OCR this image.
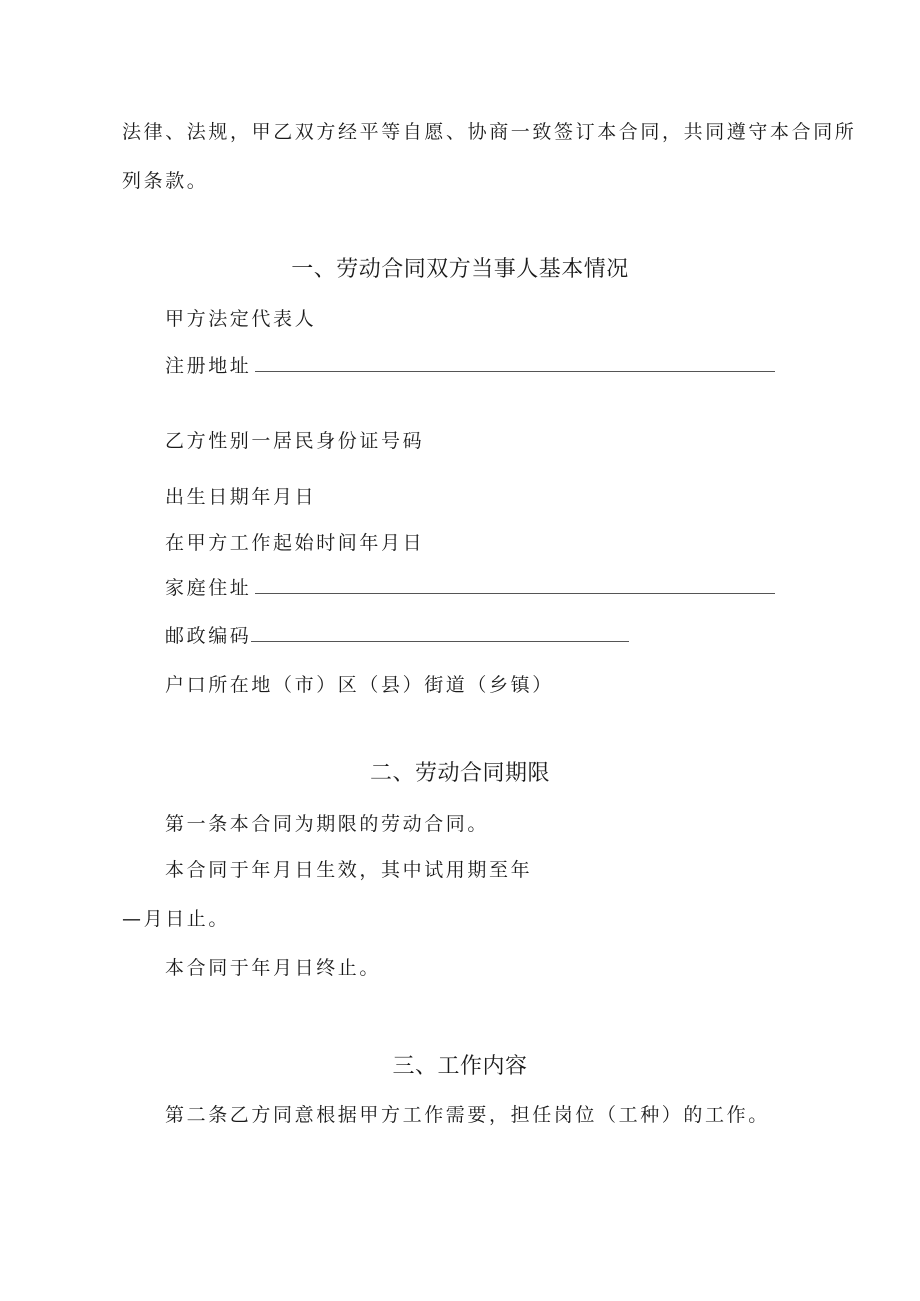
法律、法规，甲乙双方经平等自愿、协商一致签订本合同，共同遵守本合同所
列条款。
一、劳动合同双方当事人基本情况
甲方法定代表人
注册地址
乙方性别一居民身份证号码
出生日期年月日
在甲方工作起始时间年月日
家庭住址
邮政编码
户口所在地（市）区（县）街道（乡镇）
二、劳动合同期限
第一条本合同为期限的劳动合同。
本合同于年月日生效，其中试用期至年
—月日止。
本合同于年月日终止。
三、工作内容
第二条乙方同意根据甲方工作需要，担任岗位（工种）的工作。
